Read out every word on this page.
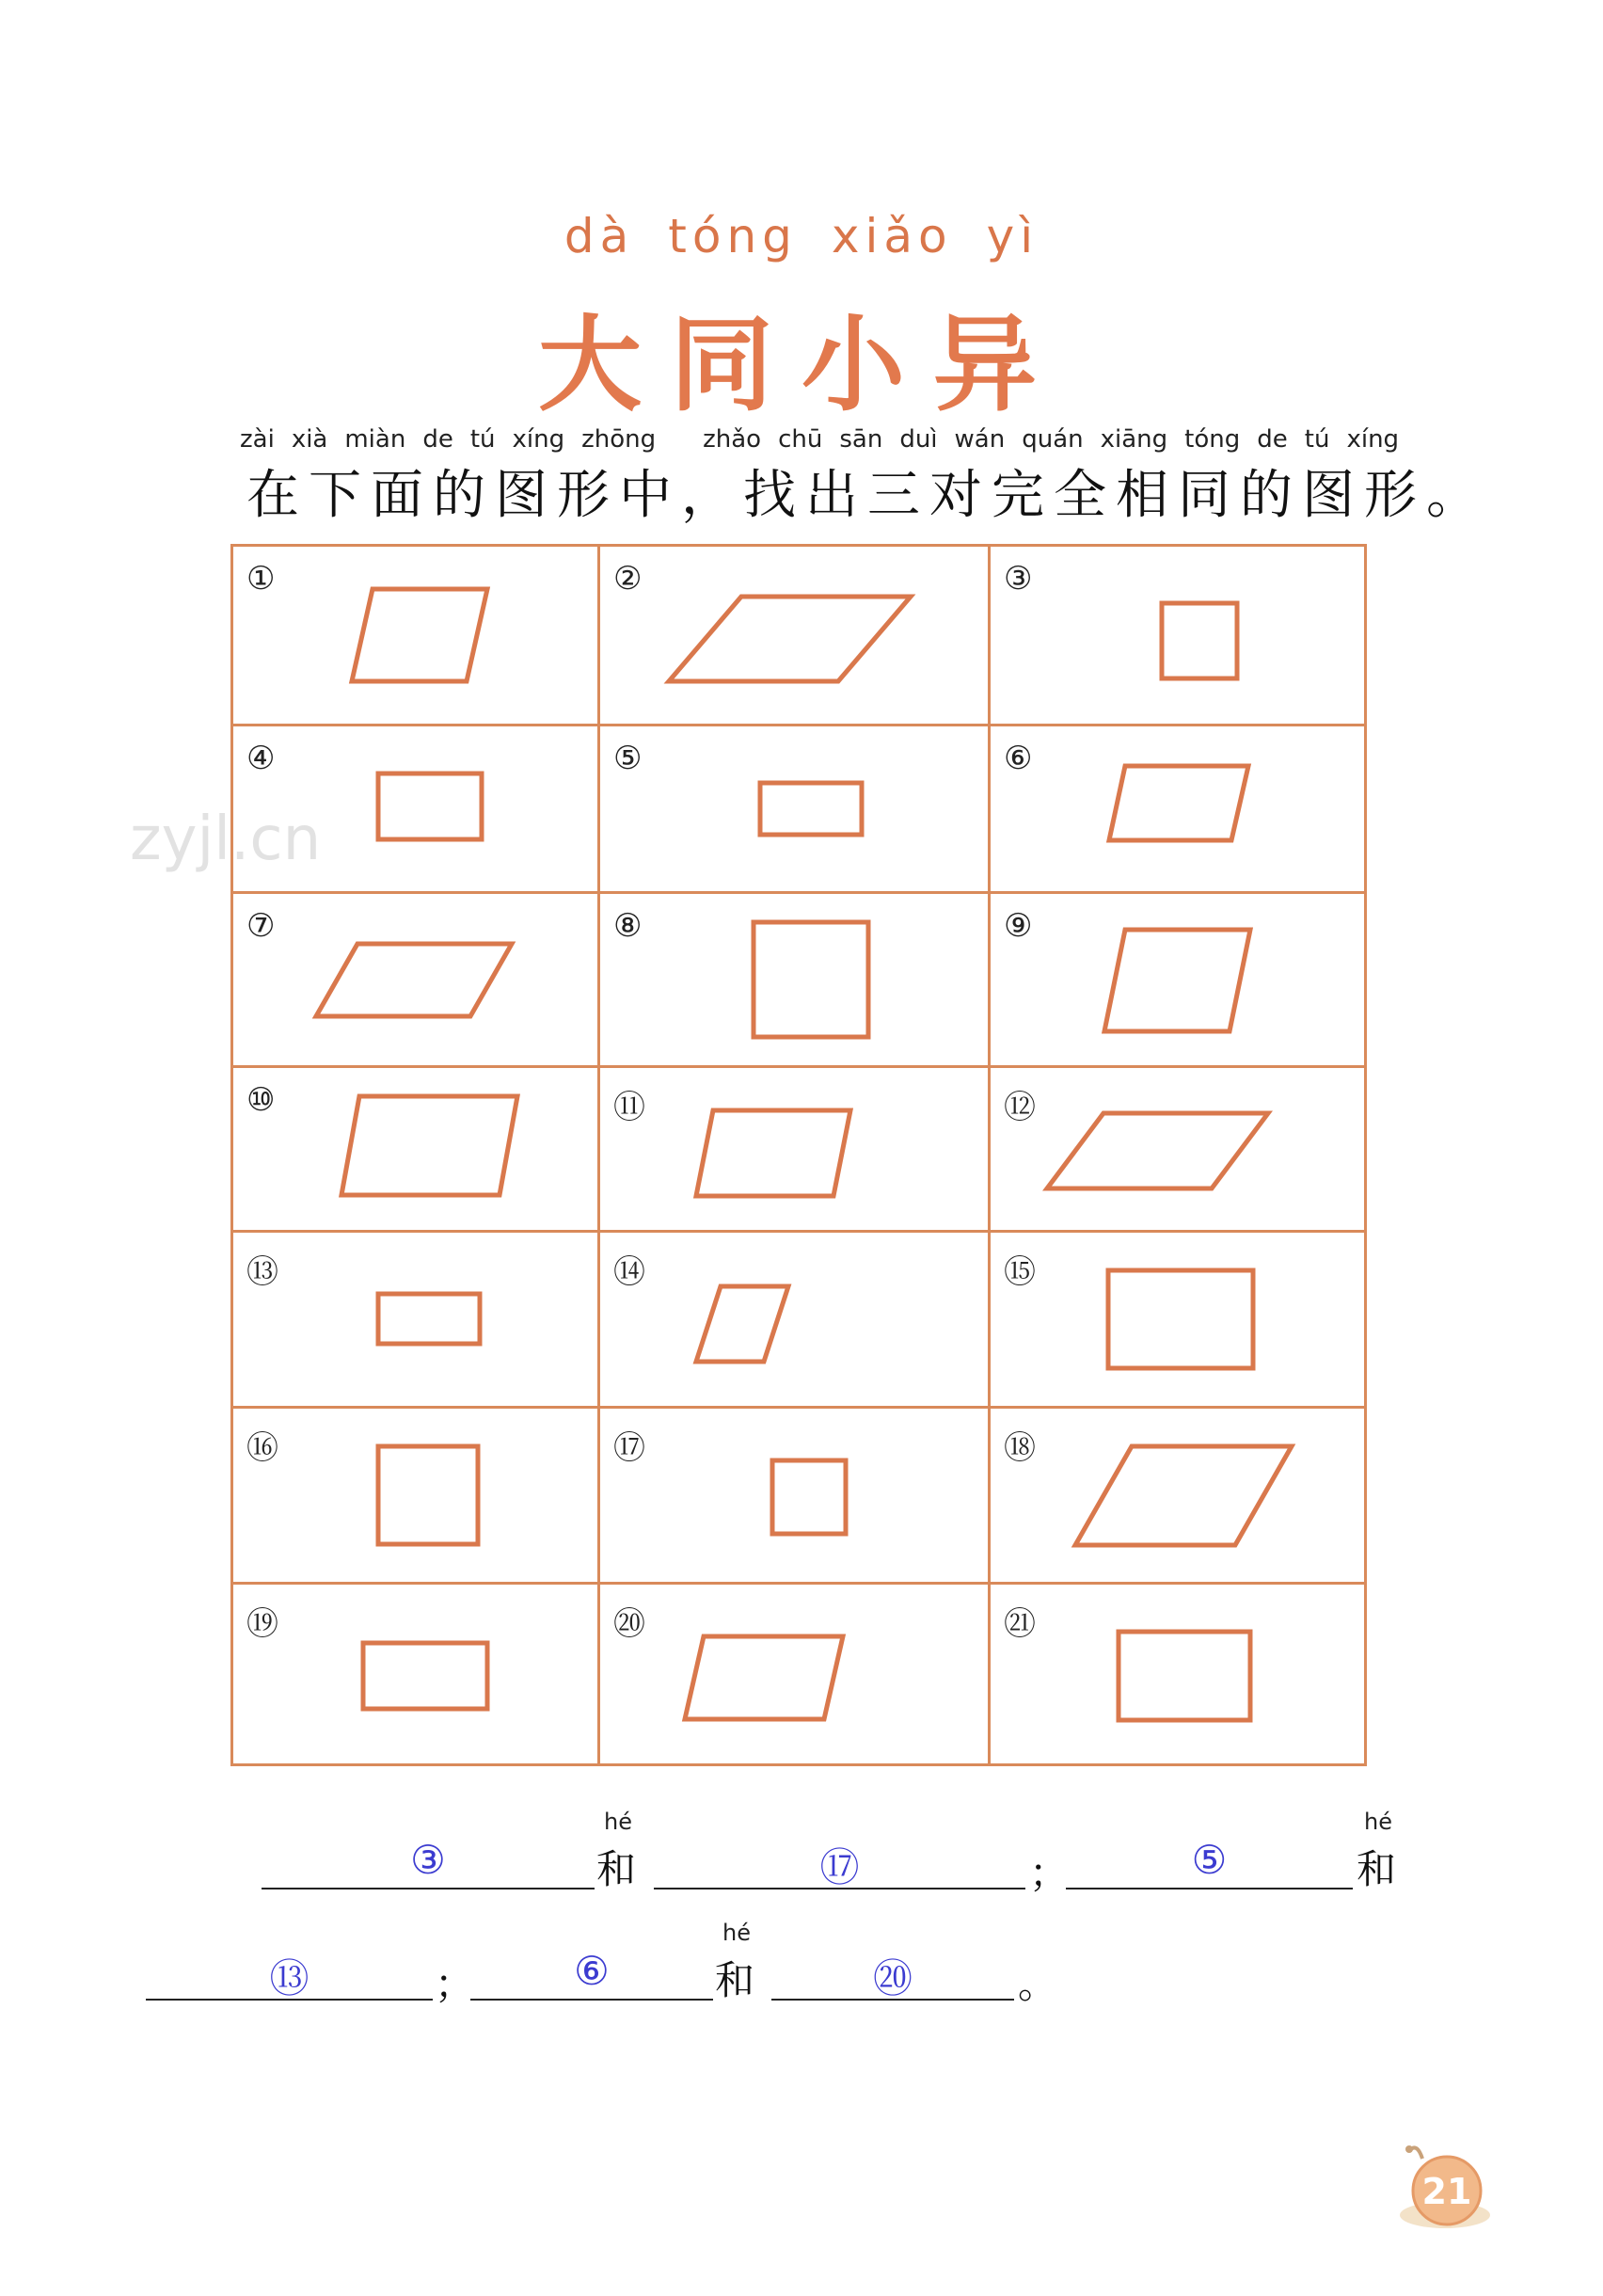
zyjl.cn
dà tóng xiǎo yì
大同小异
zài xià miàn de tú xíng zhōng zhǎo chū sān duì wán quán xiāng tóng de tú xíng
在下面的图形中，找出三对完全相同的图形。
①	②	③

④	⑤	⑥

⑦	⑧	⑨

⑩	⑪	⑫

⑬	⑭	⑮

⑯	⑰	⑱

⑲	⑳	㉑
③
hé
和	⑰	；	⑤
hé
和
⑬	；	⑥
hé
和	⑳	。
21
